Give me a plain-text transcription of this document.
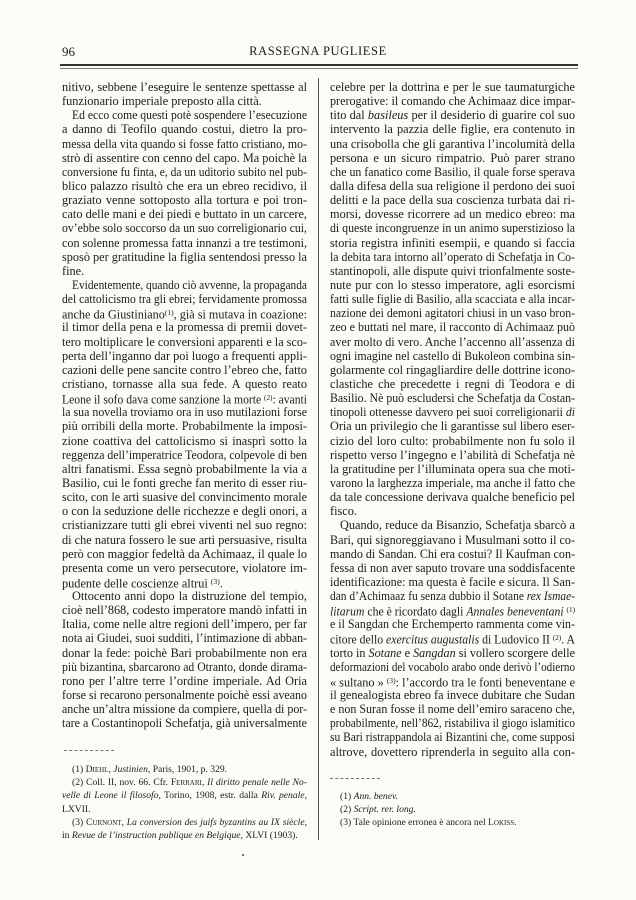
96	RASSEGNA PUGLIESE
nitivo, sebbene l’eseguire le sentenze spettasse al
funzionario imperiale preposto alla città.
Ed ecco come questi potè sospendere l’esecuzione
a danno di Teofilo quando costui, dietro la pro-
messa della vita quando si fosse fatto cristiano, mo-
strò di assentire con cenno del capo. Ma poichè la
conversione fu finta, e, da un uditorio subito nel pub-
blico palazzo risultò che era un ebreo recidivo, il
graziato venne sottoposto alla tortura e poi tron-
cato delle mani e dei piedi e buttato in un carcere,
ov’ebbe solo soccorso da un suo correligionario cui,
con solenne promessa fatta innanzi a tre testimoni,
sposò per gratitudine la figlia sentendosi presso la
fine.
Evidentemente, quando ciò avvenne, la propaganda
del cattolicismo tra gli ebrei; fervidamente promossa
anche da Giustiniano$^{(1)}$, già si mutava in coazione:
il timor della pena e la promessa di premii dovet-
tero moltiplicare le conversioni apparenti e la sco-
perta dell’inganno dar poi luogo a frequenti appli-
cazioni delle pene sancite contro l’ebreo che, fatto
cristiano, tornasse alla sua fede. A questo reato
Leone il sofo dava come sanzione la morte $^{(2)}$: avanti
la sua novella troviamo ora in uso mutilazioni forse
più orribili della morte. Probabilmente la imposi-
zione coattiva del cattolicismo si inasprì sotto la
reggenza dell’imperatrice Teodora, colpevole di ben
altri fanatismi. Essa segnò probabilmente la via a
Basilio, cui le fonti greche fan merito di esser riu-
scito, con le arti suasive del convincimento morale
o con la seduzione delle ricchezze e degli onori, a
cristianizzare tutti gli ebrei viventi nel suo regno:
di che natura fossero le sue arti persuasive, risulta
però con maggior fedeltà da Achimaaz, il quale lo
presenta come un vero persecutore, violatore im-
pudente delle coscienze altrui $^{(3)}$.
Ottocento anni dopo la distruzione del tempio,
cioè nell’868, codesto imperatore mandò infatti in
Italia, come nelle altre regioni dell’impero, per far
nota ai Giudei, suoi sudditi, l’intimazione di abban-
donar la fede: poichè Bari probabilmente non era
più bizantina, sbarcarono ad Otranto, donde dirama-
rono per l’altre terre l’ordine imperiale. Ad Oria
forse si recarono personalmente poichè essi aveano
anche un’altra missione da compiere, quella di por-
tare a Costantinopoli Schefatja, già universalmente
celebre per la dottrina e per le sue taumaturgiche
prerogative: il comando che Achimaaz dice impar-
tito dal basileus per il desiderio di guarire col suo
intervento la pazzia delle figlie, era contenuto in
una crisobolla che gli garantiva l’incolumità della
persona e un sicuro rimpatrio. Può parer strano
che un fanatico come Basilio, il quale forse sperava
dalla difesa della sua religione il perdono dei suoi
delitti e la pace della sua coscienza turbata dai ri-
morsi, dovesse ricorrere ad un medico ebreo: ma
di queste incongruenze in un animo superstizioso la
storia registra infiniti esempii, e quando si faccia
la debita tara intorno all’operato di Schefatja in Co-
stantinopoli, alle dispute quivi trionfalmente soste-
nute pur con lo stesso imperatore, agli esorcismi
fatti sulle figlie di Basilio, alla scacciata e alla incar-
nazione dei demoni agitatori chiusi in un vaso bron-
zeo e buttati nel mare, il racconto di Achimaaz può
aver molto di vero. Anche l’accenno all’assenza di
ogni imagine nel castello di Bukoleon combina sin-
golarmente col ringagliardire delle dottrine icono-
clastiche che precedette i regni di Teodora e di
Basilio. Nè può escludersi che Schefatja da Costan-
tinopoli ottenesse davvero pei suoi correligionarii di
Oria un privilegio che li garantisse sul libero eser-
cizio del loro culto: probabilmente non fu solo il
rispetto verso l’ingegno e l’abilità di Schefatja nè
la gratitudine per l’illuminata opera sua che moti-
varono la larghezza imperiale, ma anche il fatto che
da tale concessione derivava qualche beneficio pel
fisco.
Quando, reduce da Bisanzio, Schefatja sbarcò a
Bari, qui signoreggiavano i Musulmani sotto il co-
mando di Sandan. Chi era costui? Il Kaufman con-
fessa di non aver saputo trovare una soddisfacente
identificazione: ma questa è facile e sicura. Il San-
dan d’Achimaaz fu senza dubbio il Sotane rex Ismae-
litarum che è ricordato dagli Annales beneventani $^{(1)}$
e il Sangdan che Erchemperto rammenta come vin-
citore dello exercitus augustalis di Ludovico II $^{(2)}$. A
torto in Sotane e Sangdan si vollero scorgere delle
deformazioni del vocabolo arabo onde derivò l’odierno
« sultano » $^{(3)}$: l’accordo tra le fonti beneventane e
il genealogista ebreo fa invece dubitare che Sudan
e non Suran fosse il nome dell’emiro saraceno che,
probabilmente, nell’862, ristabiliva il giogo islamitico
su Bari ristrappandola ai Bizantini che, come supposi
altrove, dovettero riprenderla in seguito alla con-
(1) Diehl, Justinien, Paris, 1901, p. 329.
(2) Coll. II, nov. 66. Cfr. Ferrari, Il diritto penale nelle No-
velle di Leone il filosofo, Torino, 1908, estr. dalla Riv. penale,
LXVII.
(3) Curnont, La conversion des juifs byzantins au IX siècle,
in Revue de l’instruction publique en Belgique, XLVI (1903).
(1) Ann. benev.
(2) Script. rer. long.
(3) Tale opinione erronea è ancora nel Lokiss.
